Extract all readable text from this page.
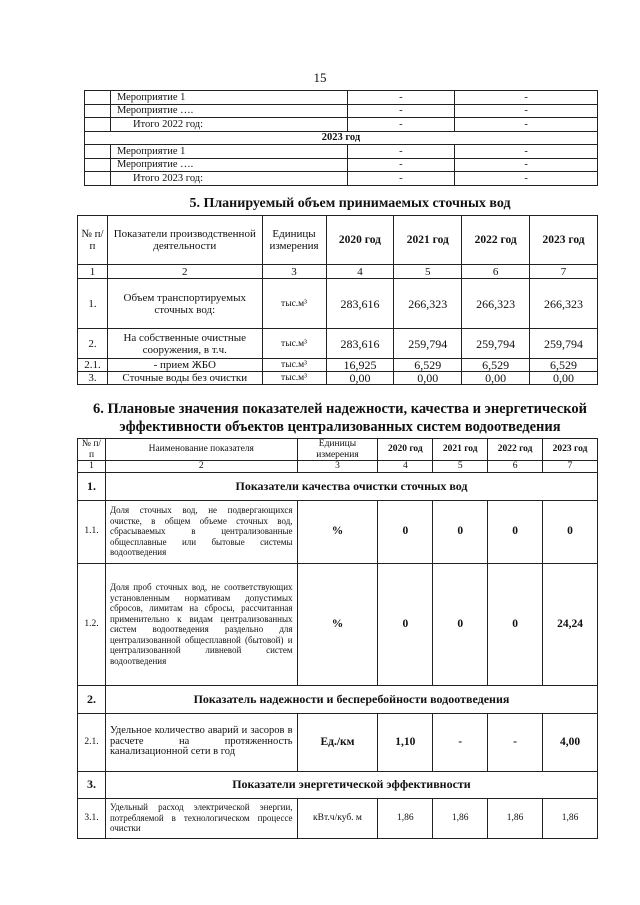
15
	Мероприятие 1	-	-
	Мероприятие ….	-	-
	Итого 2022 год:	-	-
2023 год			
	Мероприятие 1	-	-
	Мероприятие ….	-	-
	Итого 2023 год:	-	-
5. Планируемый объем принимаемых сточных вод
№ п/п	Показатели производственной деятельности	Единицы измерения	2020 год	2021 год	2022 год	2023 год
1	2	3	4	5	6	7
1.	Объем транспортируемых сточных вод:	тыс.м³	283,616	266,323	266,323	266,323
2.	На собственные очистные сооружения, в т.ч.	тыс.м³	283,616	259,794	259,794	259,794
2.1.	- прием ЖБО	тыс.м³	16,925	6,529	6,529	6,529
3.	Сточные воды без очистки	тыс.м³	0,00	0,00	0,00	0,00
6. Плановые значения показателей надежности, качества и энергетической эффективности объектов централизованных систем водоотведения
№ п/п	Наименование показателя	Единицы измерения	2020 год	2021 год	2022 год	2023 год
1	2	3	4	5	6	7
1.	Показатели качества очистки сточных вод					
1.1.	Доля сточных вод, не подвергающихся очистке, в общем объеме сточных вод, сбрасываемых в централизованные общесплавные или бытовые системы водоотведения	%	0	0	0	0
1.2.	Доля проб сточных вод, не соответствующих установленным нормативам допустимых сбросов, лимитам на сбросы, рассчитанная применительно к видам централизованных систем водоотведения раздельно для централизованной общесплавной (бытовой) и централизованной ливневой систем водоотведения	%	0	0	0	24,24
2.	Показатель надежности и бесперебойности водоотведения					
2.1.	Удельное количество аварий и засоров в расчете на протяженность канализационной сети в год	Ед./км	1,10	-	-	4,00
3.	Показатели энергетической эффективности					
3.1.	Удельный расход электрической энергии, потребляемой в технологическом процессе очистки	кВт.ч/куб. м	1,86	1,86	1,86	1,86
